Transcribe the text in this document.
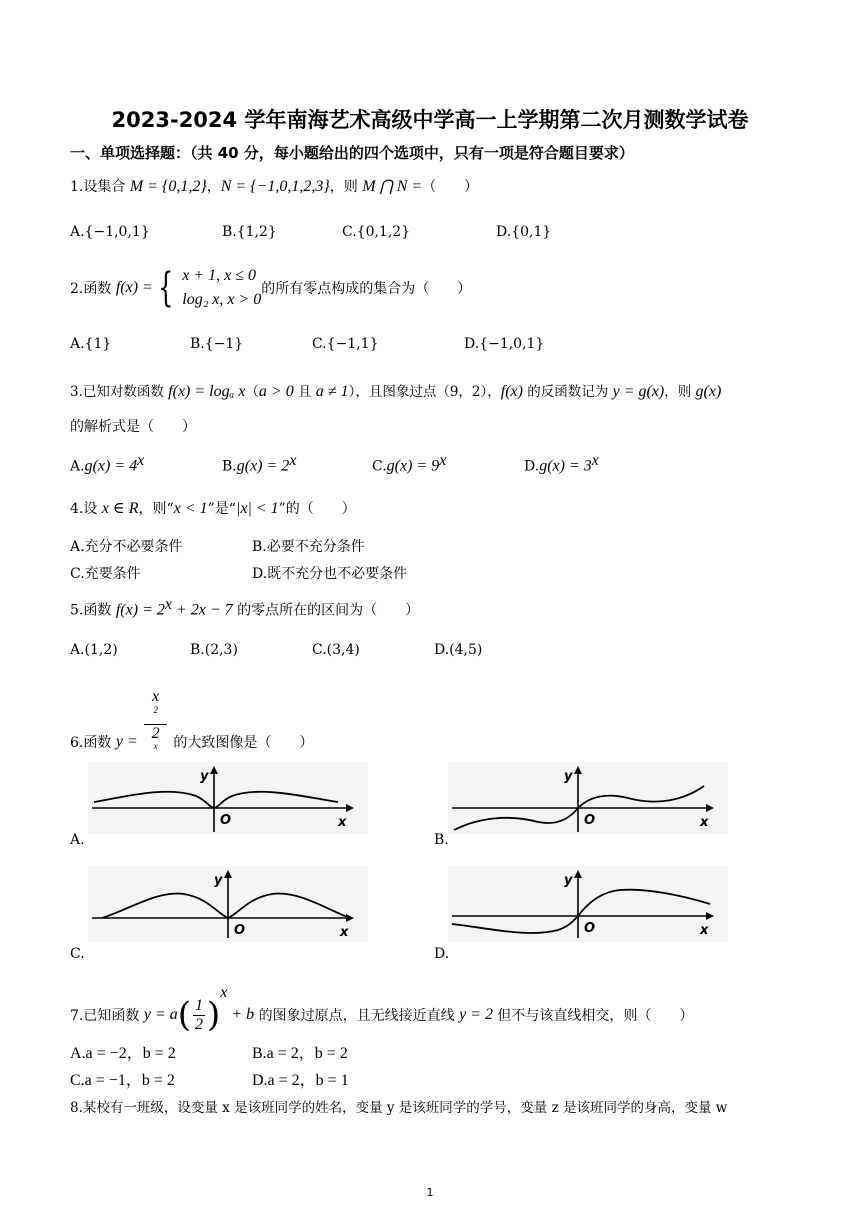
2023-2024 学年南海艺术高级中学高一上学期第二次月测数学试卷
一、单项选择题：（共 40 分，每小题给出的四个选项中，只有一项是符合题目要求）
1.设集合 M = {0,1,2}，N = {−1,0,1,2,3}，则 M ⋂ N =（　　）
A.{−1,0,1}	B.{1,2}	C.{0,1,2}	D.{0,1}
2.函数 f(x) = { x + 1, x ≤ 0
log₂ x, x > 0
的所有零点构成的集合为（　　）
A.{1}	B.{−1}	C.{−1,1}	D.{−1,0,1}
3.已知对数函数 f(x) = logₐ x（a > 0 且 a ≠ 1），且图象过点（9，2），f(x) 的反函数记为 y = g(x)，则 g(x)
的解析式是（　　）
$A.g(x) = 4^x$	$B.g(x) = 2^x$	$C.g(x) = 9^x$	$D.g(x) = 3^x$
4.设 x ∈ R，则“x < 1”是“|x| < 1”的（　　）
A.充分不必要条件	B.必要不充分条件
C.充要条件	D.既不充分也不必要条件
5.函数 $f(x) = 2^x + 2x - 7$ 的零点所在的区间为（　　）
A.(1,2)	B.(2,3)	C.(3,4)	D.(4,5)
6.函数 y = x
$^2$
2
$^x$ 的大致图像是（　　）
y
O	x
A.
y
O	x
B.
y
O	x
C.
y
O	x
D.
7.已知函数 $y = a( \frac{1}{2} )^x + b$ 的图象过原点，且无线接近直线 y = 2 但不与该直线相交，则（　　）
A.a = −2，b = 2	B.a = 2，b = 2
C.a = −1，b = 2	D.a = 2，b = 1
8.某校有一班级，设变量 x 是该班同学的姓名，变量 y 是该班同学的学号，变量 z 是该班同学的身高，变量 w
1
